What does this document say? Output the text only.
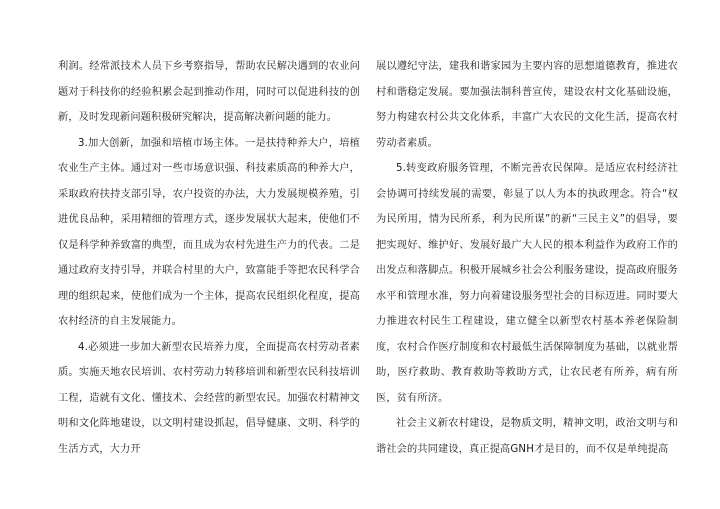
利润。经常派技术人员下乡考察指导，帮助农民解决遇到的农业问题对于科技你的经验积累会起到推动作用，同时可以促进科技的创新，及时发现新问题积极研究解决，提高解决新问题的能力。

3.加大创新，加强和培植市场主体。一是扶持种养大户，培植农业生产主体。通过对一些市场意识强、科技素质高的种养大户，采取政府扶持支部引导，农户投资的办法，大力发展规模养殖，引进优良品种，采用精细的管理方式，逐步发展状大起来，使他们不仅是科学种养致富的典型，而且成为农村先进生产力的代表。二是通过政府支持引导，并联合村里的大户，致富能手等把农民科学合理的组织起来，使他们成为一个主体，提高农民组织化程度，提高农村经济的自主发展能力。

4.必须进一步加大新型农民培养力度，全面提高农村劳动者素质。实施天地农民培训、农村劳动力转移培训和新型农民科技培训工程，造就有文化、懂技术、会经营的新型农民。加强农村精神文明和文化阵地建设，以文明村建设抓起，倡导健康、文明、科学的生活方式，大力开

展以遵纪守法，建我和谐家园为主要内容的思想道德教育，推进农村和谐稳定发展。要加强法制科普宣传，建设农村文化基础设施，努力构建农村公共文化体系，丰富广大农民的文化生活，提高农村劳动者素质。

5.转变政府服务管理，不断完善农民保障。是适应农村经济社会协调可持续发展的需要，彰显了以人为本的执政理念。符合“权为民所用，情为民所系，利为民所谋”的新“三民主义”的倡导，要把实现好、维护好、发展好最广大人民的根本利益作为政府工作的出发点和落脚点。积极开展城乡社会公利服务建设，提高政府服务水平和管理水准，努力向着建设服务型社会的目标迈进。同时要大力推进农村民生工程建设，建立健全以新型农村基本养老保险制度，农村合作医疗制度和农村最低生活保障制度为基础，以就业帮助，医疗救助、教育救助等救助方式，让农民老有所养，病有所医，贫有所济。

社会主义新农村建设，是物质文明，精神文明，政治文明与和谐社会的共同建设，真正提高GNH才是目的，而不仅是单纯提高
